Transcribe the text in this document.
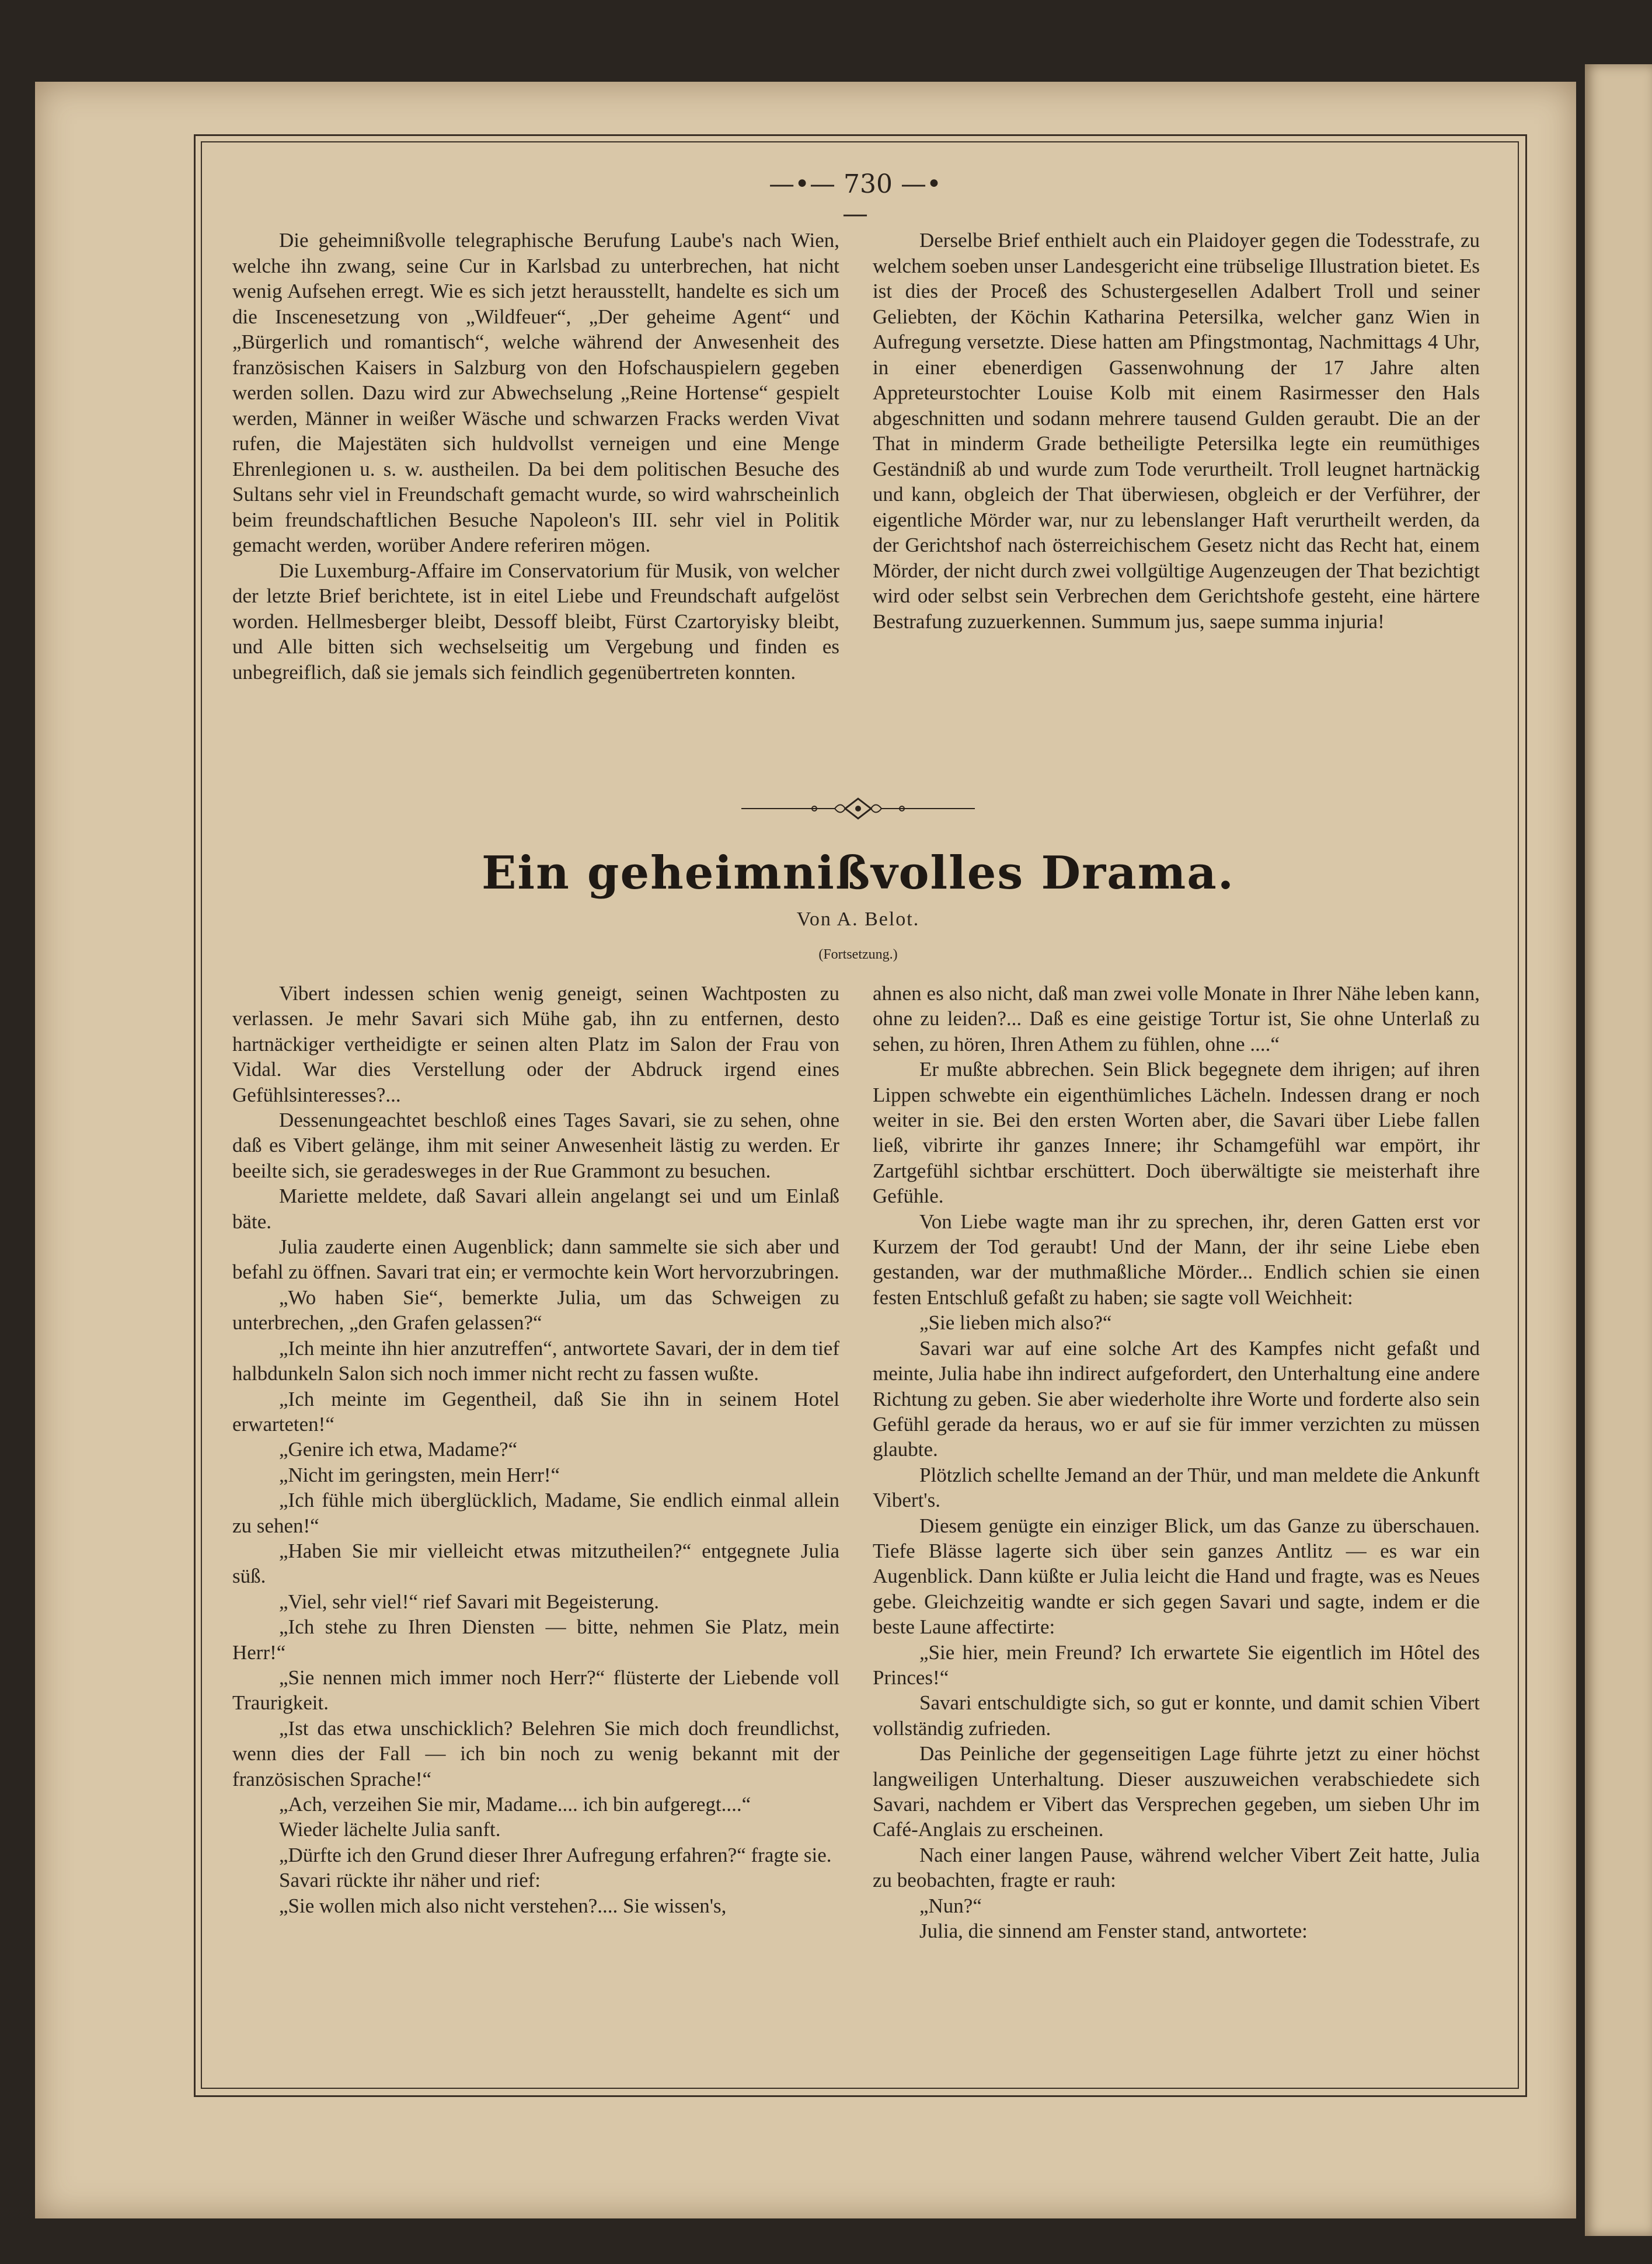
—•— 730 —•—

Die geheimnißvolle telegraphische Berufung Laube's nach Wien, welche ihn zwang, seine Cur in Karlsbad zu unterbrechen, hat nicht wenig Aufsehen erregt. Wie es sich jetzt herausstellt, handelte es sich um die Inscenesetzung von „Wildfeuer“, „Der geheime Agent“ und „Bürgerlich und romantisch“, welche während der Anwesenheit des französischen Kaisers in Salzburg von den Hofschauspielern gegeben werden sollen. Dazu wird zur Abwechselung „Reine Hortense“ gespielt werden, Männer in weißer Wäsche und schwarzen Fracks werden Vivat rufen, die Majestäten sich huldvollst verneigen und eine Menge Ehrenlegionen u. s. w. austheilen. Da bei dem politischen Besuche des Sultans sehr viel in Freundschaft gemacht wurde, so wird wahrscheinlich beim freundschaftlichen Besuche Napoleon's III. sehr viel in Politik gemacht werden, worüber Andere referiren mögen.

Die Luxemburg-Affaire im Conservatorium für Musik, von welcher der letzte Brief berichtete, ist in eitel Liebe und Freundschaft aufgelöst worden. Hellmesberger bleibt, Dessoff bleibt, Fürst Czartoryisky bleibt, und Alle bitten sich wechselseitig um Vergebung und finden es unbegreiflich, daß sie jemals sich feindlich gegenübertreten konnten.

Derselbe Brief enthielt auch ein Plaidoyer gegen die Todesstrafe, zu welchem soeben unser Landesgericht eine trübselige Illustration bietet. Es ist dies der Proceß des Schustergesellen Adalbert Troll und seiner Geliebten, der Köchin Katharina Petersilka, welcher ganz Wien in Aufregung versetzte. Diese hatten am Pfingstmontag, Nachmittags 4 Uhr, in einer ebenerdigen Gassenwohnung der 17 Jahre alten Appreteurstochter Louise Kolb mit einem Rasirmesser den Hals abgeschnitten und sodann mehrere tausend Gulden geraubt. Die an der That in minderm Grade betheiligte Petersilka legte ein reumüthiges Geständniß ab und wurde zum Tode verurtheilt. Troll leugnet hartnäckig und kann, obgleich der That überwiesen, obgleich er der Verführer, der eigentliche Mörder war, nur zu lebenslanger Haft verurtheilt werden, da der Gerichtshof nach österreichischem Gesetz nicht das Recht hat, einem Mörder, der nicht durch zwei vollgültige Augenzeugen der That bezichtigt wird oder selbst sein Verbrechen dem Gerichtshofe gesteht, eine härtere Bestrafung zuzuerkennen. Summum jus, saepe summa injuria!

Ein geheimnißvolles Drama.
Von A. Belot.
(Fortsetzung.)

Vibert indessen schien wenig geneigt, seinen Wachtposten zu verlassen. Je mehr Savari sich Mühe gab, ihn zu entfernen, desto hartnäckiger vertheidigte er seinen alten Platz im Salon der Frau von Vidal. War dies Verstellung oder der Abdruck irgend eines Gefühlsinteresses?...

Dessenungeachtet beschloß eines Tages Savari, sie zu sehen, ohne daß es Vibert gelänge, ihm mit seiner Anwesenheit lästig zu werden. Er beeilte sich, sie geradesweges in der Rue Grammont zu besuchen.

Mariette meldete, daß Savari allein angelangt sei und um Einlaß bäte.

Julia zauderte einen Augenblick; dann sammelte sie sich aber und befahl zu öffnen. Savari trat ein; er vermochte kein Wort hervorzubringen.

„Wo haben Sie“, bemerkte Julia, um das Schweigen zu unterbrechen, „den Grafen gelassen?“

„Ich meinte ihn hier anzutreffen“, antwortete Savari, der in dem tief halbdunkeln Salon sich noch immer nicht recht zu fassen wußte.

„Ich meinte im Gegentheil, daß Sie ihn in seinem Hotel erwarteten!“

„Genire ich etwa, Madame?“

„Nicht im geringsten, mein Herr!“

„Ich fühle mich überglücklich, Madame, Sie endlich einmal allein zu sehen!“

„Haben Sie mir vielleicht etwas mitzutheilen?“ entgegnete Julia süß.

„Viel, sehr viel!“ rief Savari mit Begeisterung.

„Ich stehe zu Ihren Diensten — bitte, nehmen Sie Platz, mein Herr!“

„Sie nennen mich immer noch Herr?“ flüsterte der Liebende voll Traurigkeit.

„Ist das etwa unschicklich? Belehren Sie mich doch freundlichst, wenn dies der Fall — ich bin noch zu wenig bekannt mit der französischen Sprache!“

„Ach, verzeihen Sie mir, Madame.... ich bin aufgeregt....“

Wieder lächelte Julia sanft.

„Dürfte ich den Grund dieser Ihrer Aufregung erfahren?“ fragte sie.

Savari rückte ihr näher und rief:

„Sie wollen mich also nicht verstehen?.... Sie wissen's,

ahnen es also nicht, daß man zwei volle Monate in Ihrer Nähe leben kann, ohne zu leiden?... Daß es eine geistige Tortur ist, Sie ohne Unterlaß zu sehen, zu hören, Ihren Athem zu fühlen, ohne ....“

Er mußte abbrechen. Sein Blick begegnete dem ihrigen; auf ihren Lippen schwebte ein eigenthümliches Lächeln. Indessen drang er noch weiter in sie. Bei den ersten Worten aber, die Savari über Liebe fallen ließ, vibrirte ihr ganzes Innere; ihr Schamgefühl war empört, ihr Zartgefühl sichtbar erschüttert. Doch überwältigte sie meisterhaft ihre Gefühle.

Von Liebe wagte man ihr zu sprechen, ihr, deren Gatten erst vor Kurzem der Tod geraubt! Und der Mann, der ihr seine Liebe eben gestanden, war der muthmaßliche Mörder... Endlich schien sie einen festen Entschluß gefaßt zu haben; sie sagte voll Weichheit:

„Sie lieben mich also?“

Savari war auf eine solche Art des Kampfes nicht gefaßt und meinte, Julia habe ihn indirect aufgefordert, den Unterhaltung eine andere Richtung zu geben. Sie aber wiederholte ihre Worte und forderte also sein Gefühl gerade da heraus, wo er auf sie für immer verzichten zu müssen glaubte.

Plötzlich schellte Jemand an der Thür, und man meldete die Ankunft Vibert's.

Diesem genügte ein einziger Blick, um das Ganze zu überschauen. Tiefe Blässe lagerte sich über sein ganzes Antlitz — es war ein Augenblick. Dann küßte er Julia leicht die Hand und fragte, was es Neues gebe. Gleichzeitig wandte er sich gegen Savari und sagte, indem er die beste Laune affectirte:

„Sie hier, mein Freund? Ich erwartete Sie eigentlich im Hôtel des Princes!“

Savari entschuldigte sich, so gut er konnte, und damit schien Vibert vollständig zufrieden.

Das Peinliche der gegenseitigen Lage führte jetzt zu einer höchst langweiligen Unterhaltung. Dieser auszuweichen verabschiedete sich Savari, nachdem er Vibert das Versprechen gegeben, um sieben Uhr im Café-Anglais zu erscheinen.

Nach einer langen Pause, während welcher Vibert Zeit hatte, Julia zu beobachten, fragte er rauh:

„Nun?“

Julia, die sinnend am Fenster stand, antwortete:
